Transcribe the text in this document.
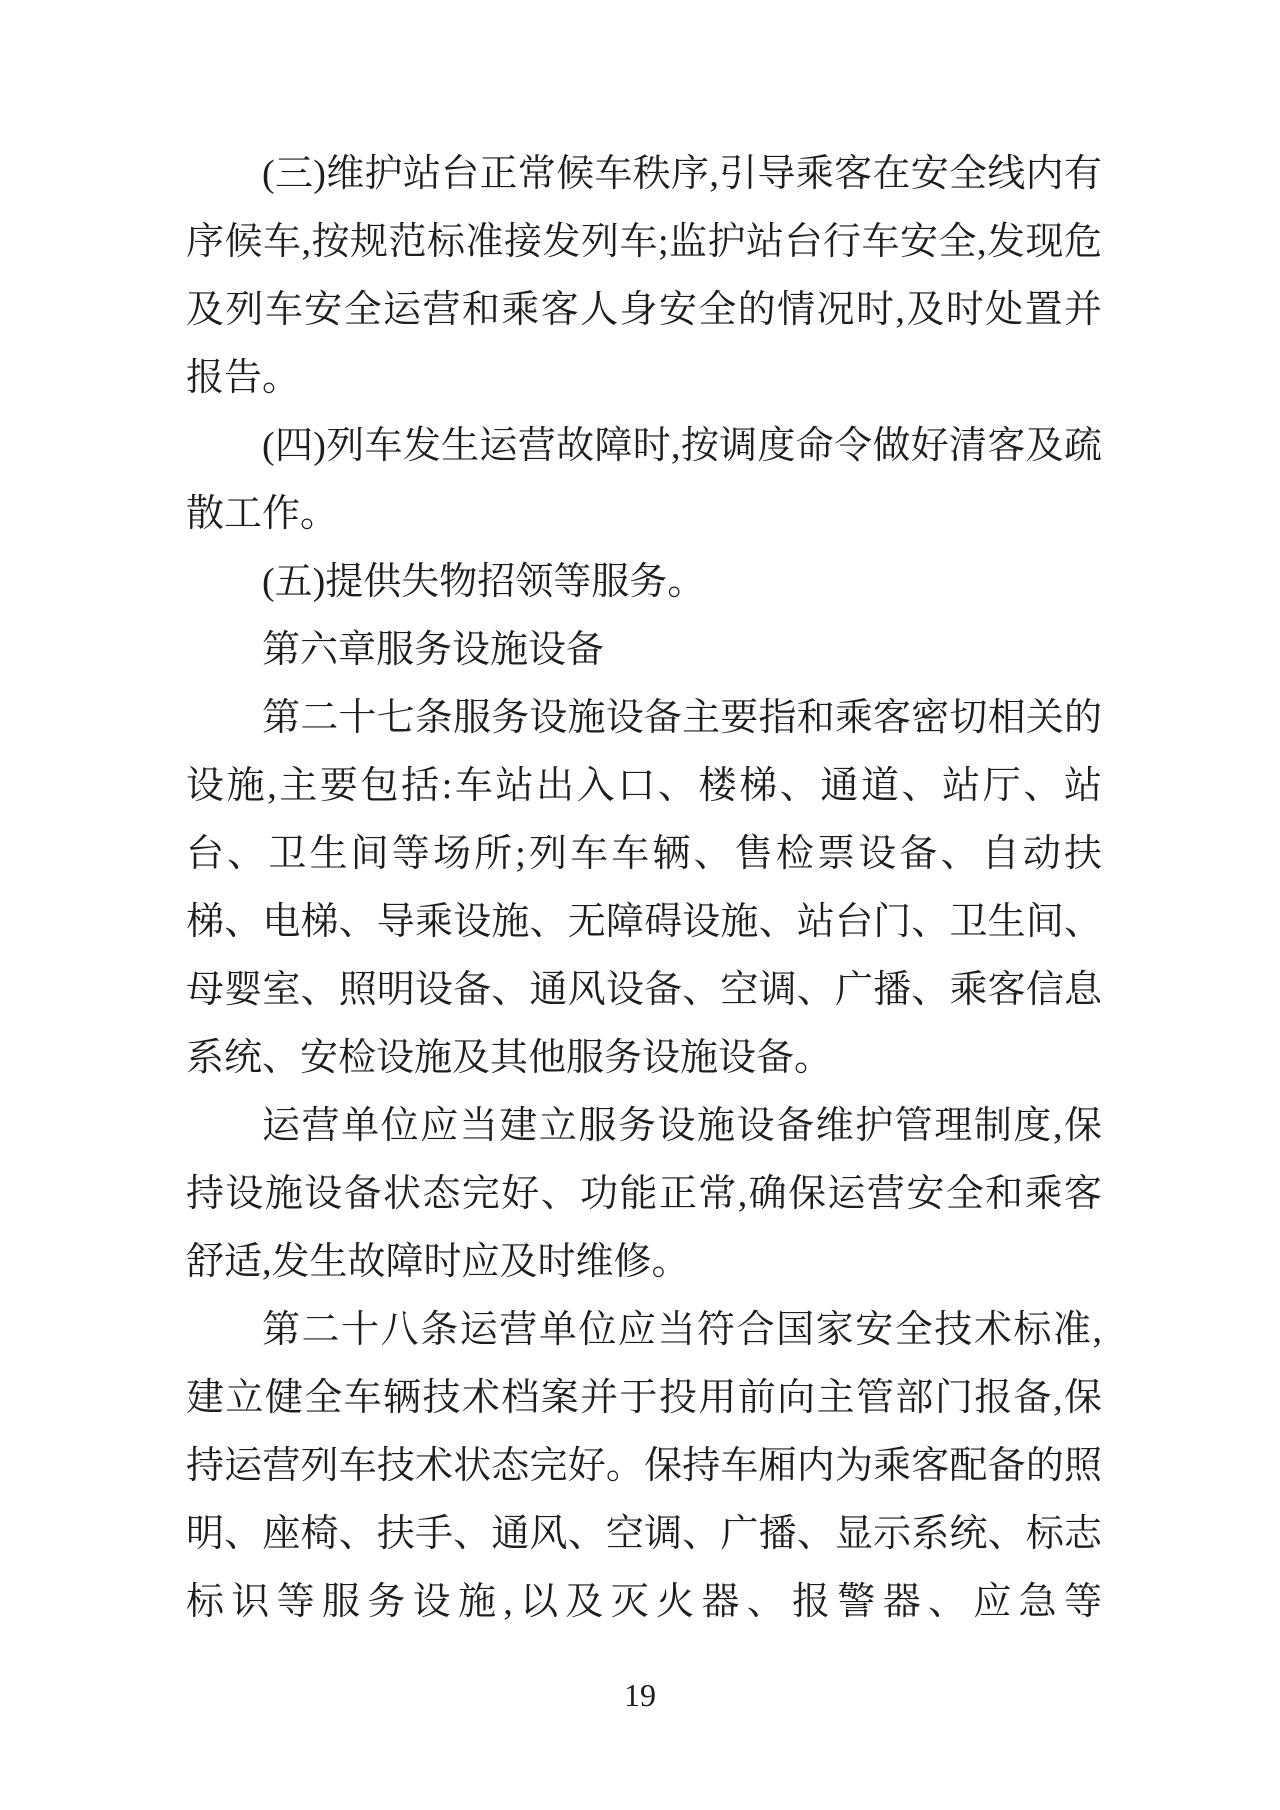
(三)维护站台正常候车秩序,引导乘客在安全线内有序候车,按规范标准接发列车;监护站台行车安全,发现危及列车安全运营和乘客人身安全的情况时,及时处置并报告。

(四)列车发生运营故障时,按调度命令做好清客及疏散工作。

(五)提供失物招领等服务。

第六章服务设施设备

第二十七条服务设施设备主要指和乘客密切相关的设施,主要包括:车站出入口、楼梯、通道、站厅、站台、卫生间等场所;列车车辆、售检票设备、自动扶梯、电梯、导乘设施、无障碍设施、站台门、卫生间、母婴室、照明设备、通风设备、空调、广播、乘客信息系统、安检设施及其他服务设施设备。

运营单位应当建立服务设施设备维护管理制度,保持设施设备状态完好、功能正常,确保运营安全和乘客舒适,发生故障时应及时维修。

第二十八条运营单位应当符合国家安全技术标准,建立健全车辆技术档案并于投用前向主管部门报备,保持运营列车技术状态完好。保持车厢内为乘客配备的照明、座椅、扶手、通风、空调、广播、显示系统、标志标识等服务设施,以及灭火器、报警器、应急等

19
